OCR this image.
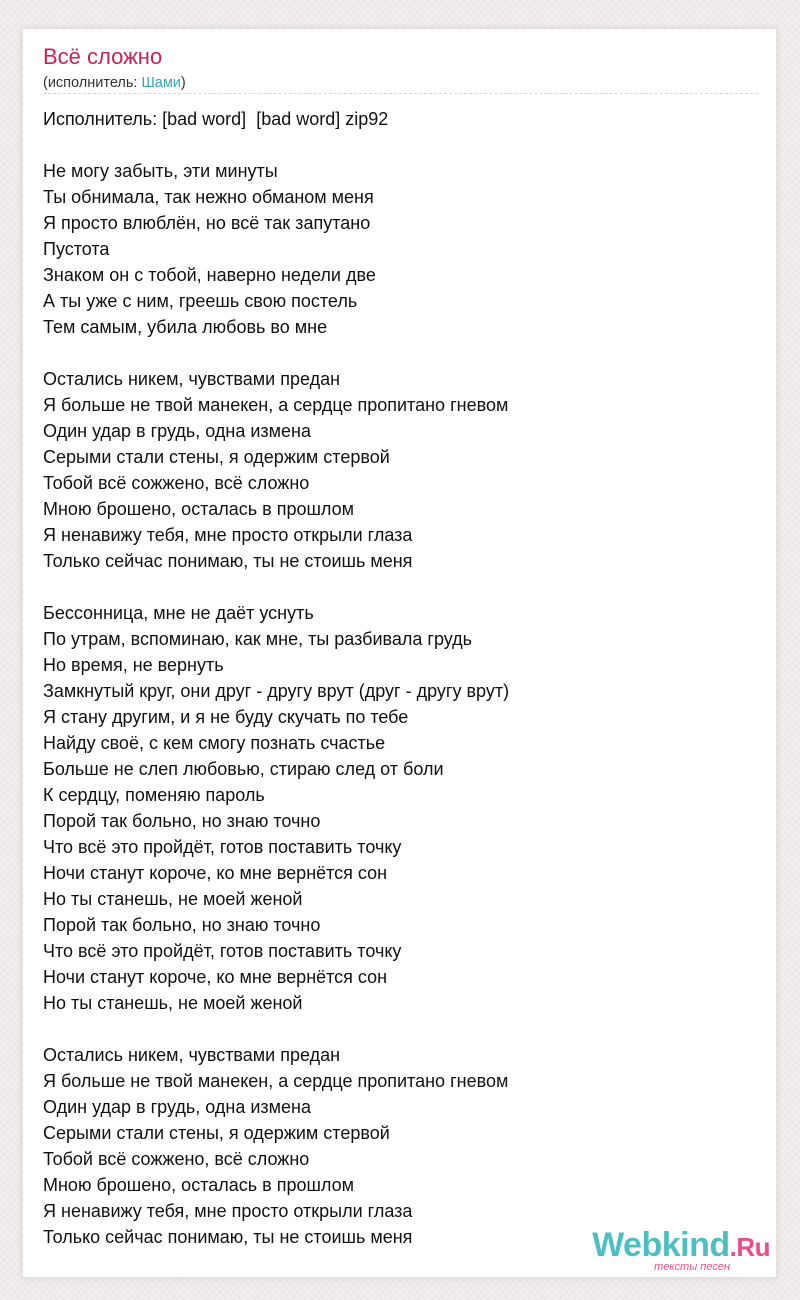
Всё сложно
(исполнитель: Шами)
Исполнитель: [bad word]  [bad word] zip92
Не могу забыть, эти минуты
Ты обнимала, так нежно обманом меня
Я просто влюблён, но всё так запутано
Пустота
Знаком он с тобой, наверно недели две
А ты уже с ним, греешь свою постель
Тем самым, убила любовь во мне
Остались никем, чувствами предан
Я больше не твой манекен, а сердце пропитано гневом
Один удар в грудь, одна измена
Серыми стали стены, я одержим стервой
Тобой всё сожжено, всё сложно
Мною брошено, осталась в прошлом
Я ненавижу тебя, мне просто открыли глаза
Только сейчас понимаю, ты не стоишь меня
Бессонница, мне не даёт уснуть
По утрам, вспоминаю, как мне, ты разбивала грудь
Но время, не вернуть
Замкнутый круг, они друг - другу врут (друг - другу врут)
Я стану другим, и я не буду скучать по тебе
Найду своё, с кем смогу познать счастье
Больше не слеп любовью, стираю след от боли
К сердцу, поменяю пароль
Порой так больно, но знаю точно
Что всё это пройдёт, готов поставить точку
Ночи станут короче, ко мне вернётся сон
Но ты станешь, не моей женой
Порой так больно, но знаю точно
Что всё это пройдёт, готов поставить точку
Ночи станут короче, ко мне вернётся сон
Но ты станешь, не моей женой
Остались никем, чувствами предан
Я больше не твой манекен, а сердце пропитано гневом
Один удар в грудь, одна измена
Серыми стали стены, я одержим стервой
Тобой всё сожжено, всё сложно
Мною брошено, осталась в прошлом
Я ненавижу тебя, мне просто открыли глаза
Только сейчас понимаю, ты не стоишь меня	Webkind.Ru
тексты песен
